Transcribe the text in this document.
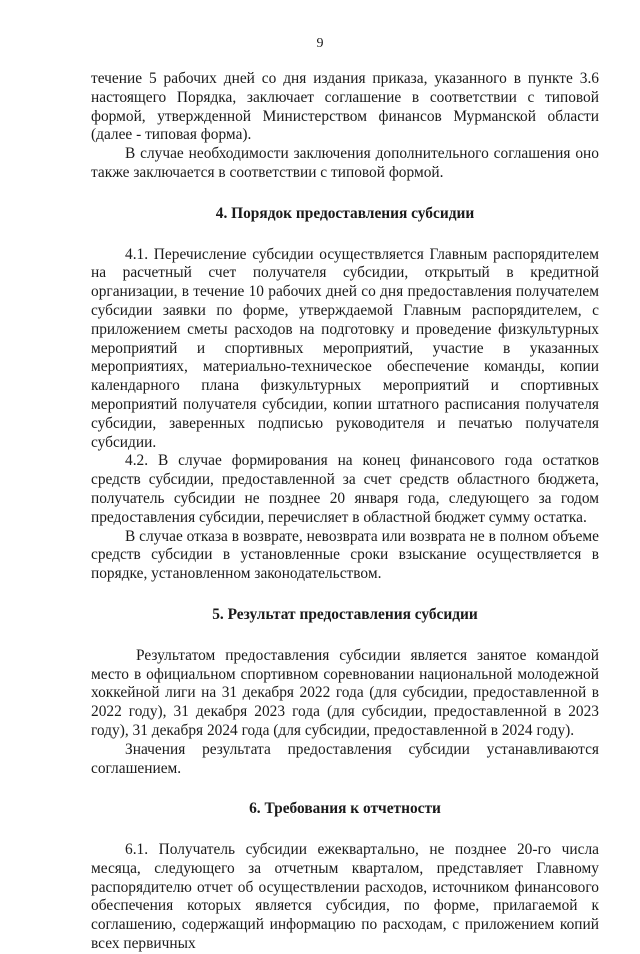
9

течение 5 рабочих дней со дня издания приказа, указанного в пункте 3.6 настоящего Порядка, заключает соглашение в соответствии с типовой формой, утвержденной Министерством финансов Мурманской области (далее - типовая форма).

В случае необходимости заключения дополнительного соглашения оно также заключается в соответствии с типовой формой.

4. Порядок предоставления субсидии

4.1. Перечисление субсидии осуществляется Главным распорядителем на расчетный счет получателя субсидии, открытый в кредитной организации, в течение 10 рабочих дней со дня предоставления получателем субсидии заявки по форме, утверждаемой Главным распорядителем, с приложением сметы расходов на подготовку и проведение физкультурных мероприятий и спортивных мероприятий, участие в указанных мероприятиях, материально-техническое обеспечение команды, копии календарного плана физкультурных мероприятий и спортивных мероприятий получателя субсидии, копии штатного расписания получателя субсидии, заверенных подписью руководителя и печатью получателя субсидии.

4.2. В случае формирования на конец финансового года остатков средств субсидии, предоставленной за счет средств областного бюджета, получатель субсидии не позднее 20 января года, следующего за годом предоставления субсидии, перечисляет в областной бюджет сумму остатка.

В случае отказа в возврате, невозврата или возврата не в полном объеме средств субсидии в установленные сроки взыскание осуществляется в порядке, установленном законодательством.

5. Результат предоставления субсидии

Результатом предоставления субсидии является занятое командой место в официальном спортивном соревновании национальной молодежной хоккейной лиги на 31 декабря 2022 года (для субсидии, предоставленной в 2022 году), 31 декабря 2023 года (для субсидии, предоставленной в 2023 году), 31 декабря 2024 года (для субсидии, предоставленной в 2024 году).

Значения результата предоставления субсидии устанавливаются соглашением.

6. Требования к отчетности

6.1. Получатель субсидии ежеквартально, не позднее 20-го числа месяца, следующего за отчетным кварталом, представляет Главному распорядителю отчет об осуществлении расходов, источником финансового обеспечения которых является субсидия, по форме, прилагаемой к соглашению, содержащий информацию по расходам, с приложением копий всех первичных
